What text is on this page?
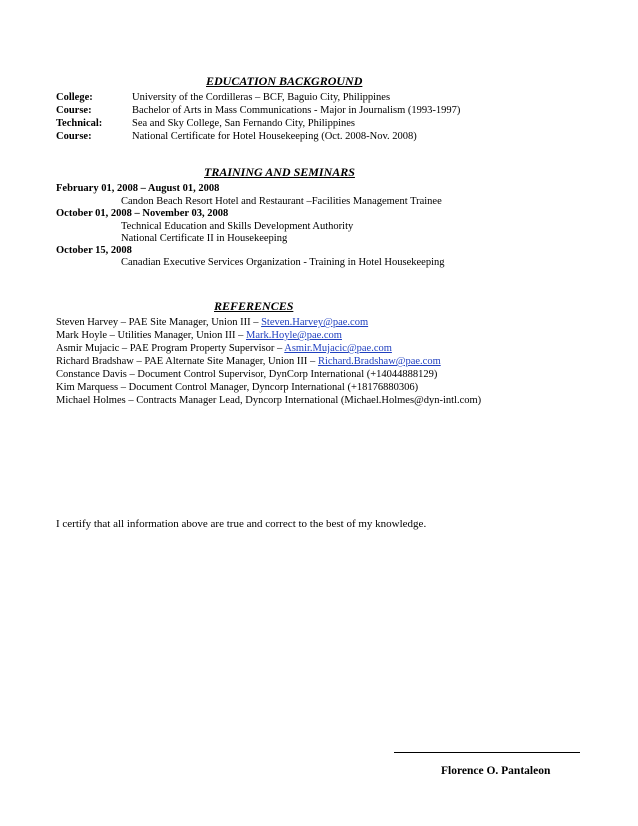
EDUCATION BACKGROUND
College:	University of the Cordilleras – BCF, Baguio City, Philippines
Course:	Bachelor of Arts in Mass Communications - Major in Journalism (1993-1997)
Technical:	Sea and Sky College, San Fernando City, Philippines
Course:	National Certificate for Hotel Housekeeping (Oct. 2008-Nov. 2008)
TRAINING AND SEMINARS
February 01, 2008 – August 01, 2008
Candon Beach Resort Hotel and Restaurant –Facilities Management Trainee
October 01, 2008 – November 03, 2008
Technical Education and Skills Development Authority
National Certificate II in Housekeeping
October 15, 2008
Canadian Executive Services Organization - Training in Hotel Housekeeping
REFERENCES
Steven Harvey – PAE Site Manager, Union III – Steven.Harvey@pae.com
Mark Hoyle – Utilities Manager, Union III – Mark.Hoyle@pae.com
Asmir Mujacic – PAE Program Property Supervisor – Asmir.Mujacic@pae.com
Richard Bradshaw – PAE Alternate Site Manager, Union III – Richard.Bradshaw@pae.com
Constance Davis – Document Control Supervisor, DynCorp International (+14044888129)
Kim Marquess – Document Control Manager, Dyncorp International (+18176880306)
Michael Holmes – Contracts Manager Lead, Dyncorp International (Michael.Holmes@dyn-intl.com)
I certify that all information above are true and correct to the best of my knowledge.
Florence O. Pantaleon
